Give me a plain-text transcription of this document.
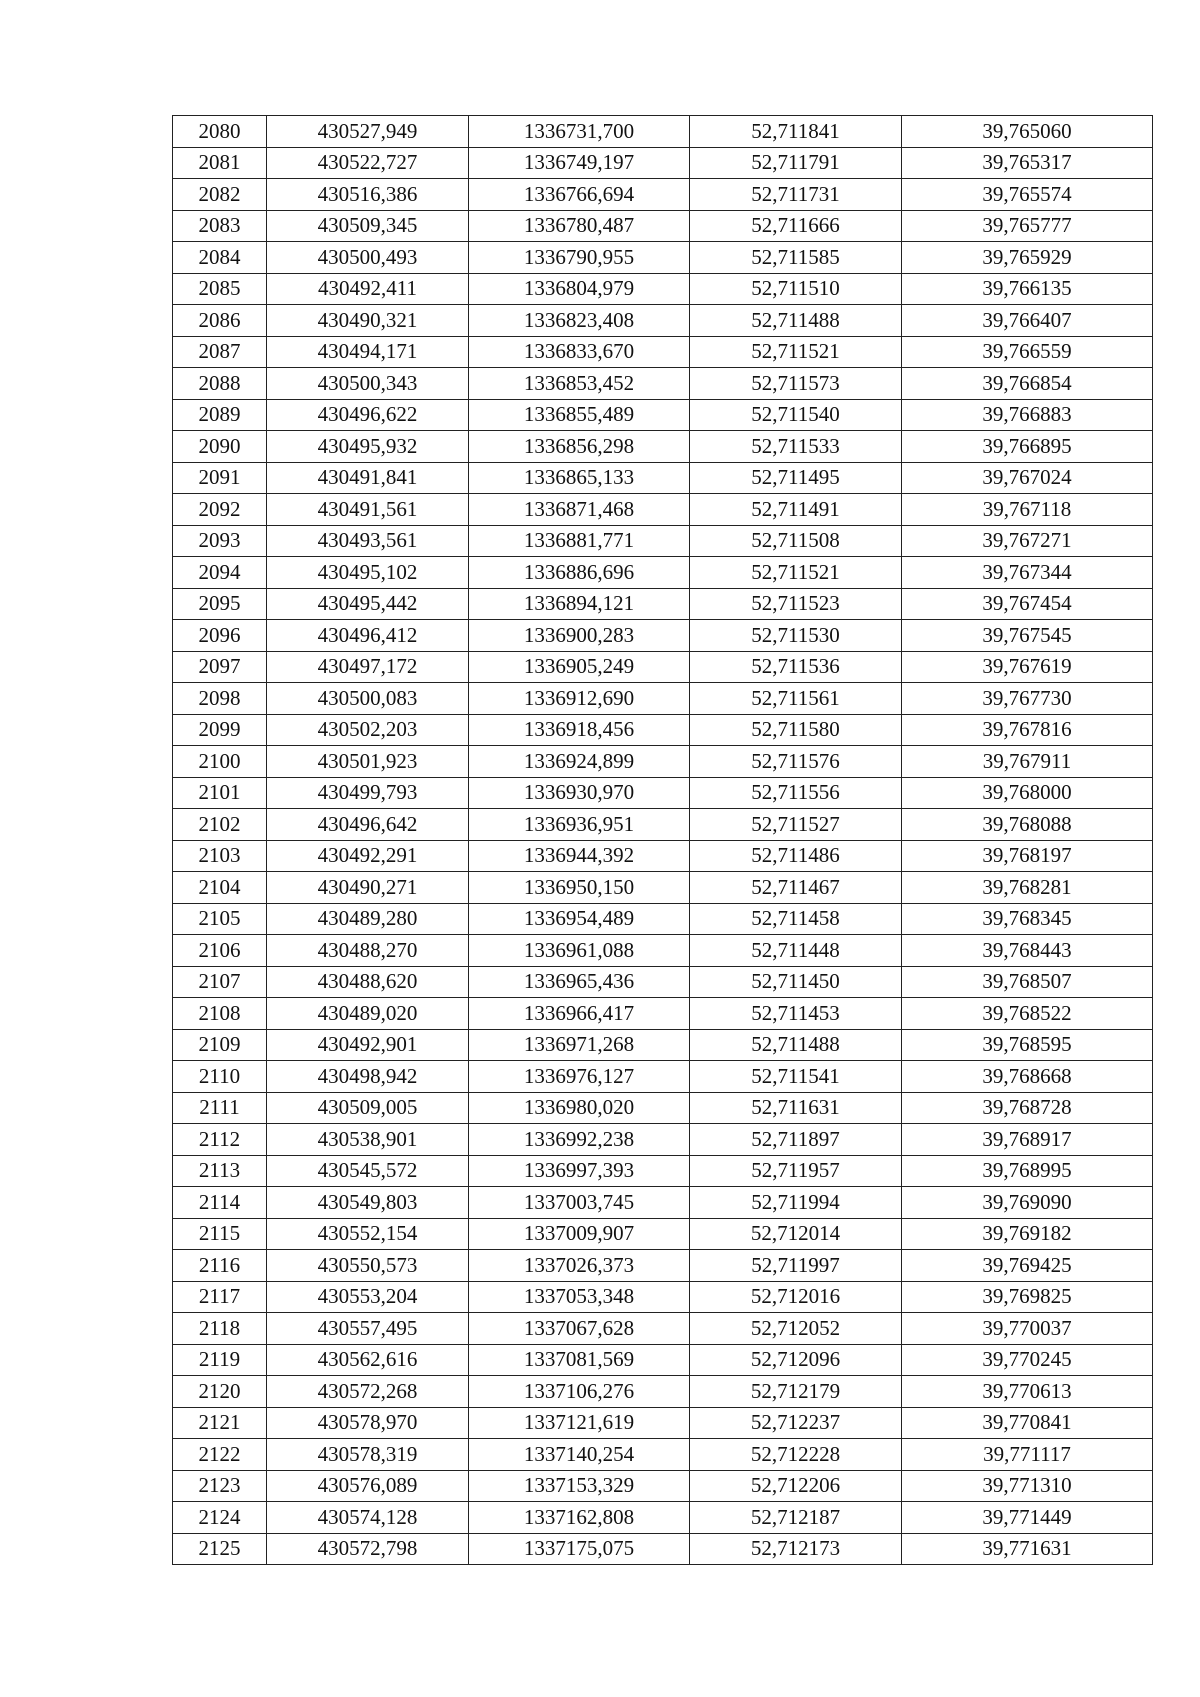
2080	430527,949	1336731,700	52,711841	39,765060
2081	430522,727	1336749,197	52,711791	39,765317
2082	430516,386	1336766,694	52,711731	39,765574
2083	430509,345	1336780,487	52,711666	39,765777
2084	430500,493	1336790,955	52,711585	39,765929
2085	430492,411	1336804,979	52,711510	39,766135
2086	430490,321	1336823,408	52,711488	39,766407
2087	430494,171	1336833,670	52,711521	39,766559
2088	430500,343	1336853,452	52,711573	39,766854
2089	430496,622	1336855,489	52,711540	39,766883
2090	430495,932	1336856,298	52,711533	39,766895
2091	430491,841	1336865,133	52,711495	39,767024
2092	430491,561	1336871,468	52,711491	39,767118
2093	430493,561	1336881,771	52,711508	39,767271
2094	430495,102	1336886,696	52,711521	39,767344
2095	430495,442	1336894,121	52,711523	39,767454
2096	430496,412	1336900,283	52,711530	39,767545
2097	430497,172	1336905,249	52,711536	39,767619
2098	430500,083	1336912,690	52,711561	39,767730
2099	430502,203	1336918,456	52,711580	39,767816
2100	430501,923	1336924,899	52,711576	39,767911
2101	430499,793	1336930,970	52,711556	39,768000
2102	430496,642	1336936,951	52,711527	39,768088
2103	430492,291	1336944,392	52,711486	39,768197
2104	430490,271	1336950,150	52,711467	39,768281
2105	430489,280	1336954,489	52,711458	39,768345
2106	430488,270	1336961,088	52,711448	39,768443
2107	430488,620	1336965,436	52,711450	39,768507
2108	430489,020	1336966,417	52,711453	39,768522
2109	430492,901	1336971,268	52,711488	39,768595
2110	430498,942	1336976,127	52,711541	39,768668
2111	430509,005	1336980,020	52,711631	39,768728
2112	430538,901	1336992,238	52,711897	39,768917
2113	430545,572	1336997,393	52,711957	39,768995
2114	430549,803	1337003,745	52,711994	39,769090
2115	430552,154	1337009,907	52,712014	39,769182
2116	430550,573	1337026,373	52,711997	39,769425
2117	430553,204	1337053,348	52,712016	39,769825
2118	430557,495	1337067,628	52,712052	39,770037
2119	430562,616	1337081,569	52,712096	39,770245
2120	430572,268	1337106,276	52,712179	39,770613
2121	430578,970	1337121,619	52,712237	39,770841
2122	430578,319	1337140,254	52,712228	39,771117
2123	430576,089	1337153,329	52,712206	39,771310
2124	430574,128	1337162,808	52,712187	39,771449
2125	430572,798	1337175,075	52,712173	39,771631
